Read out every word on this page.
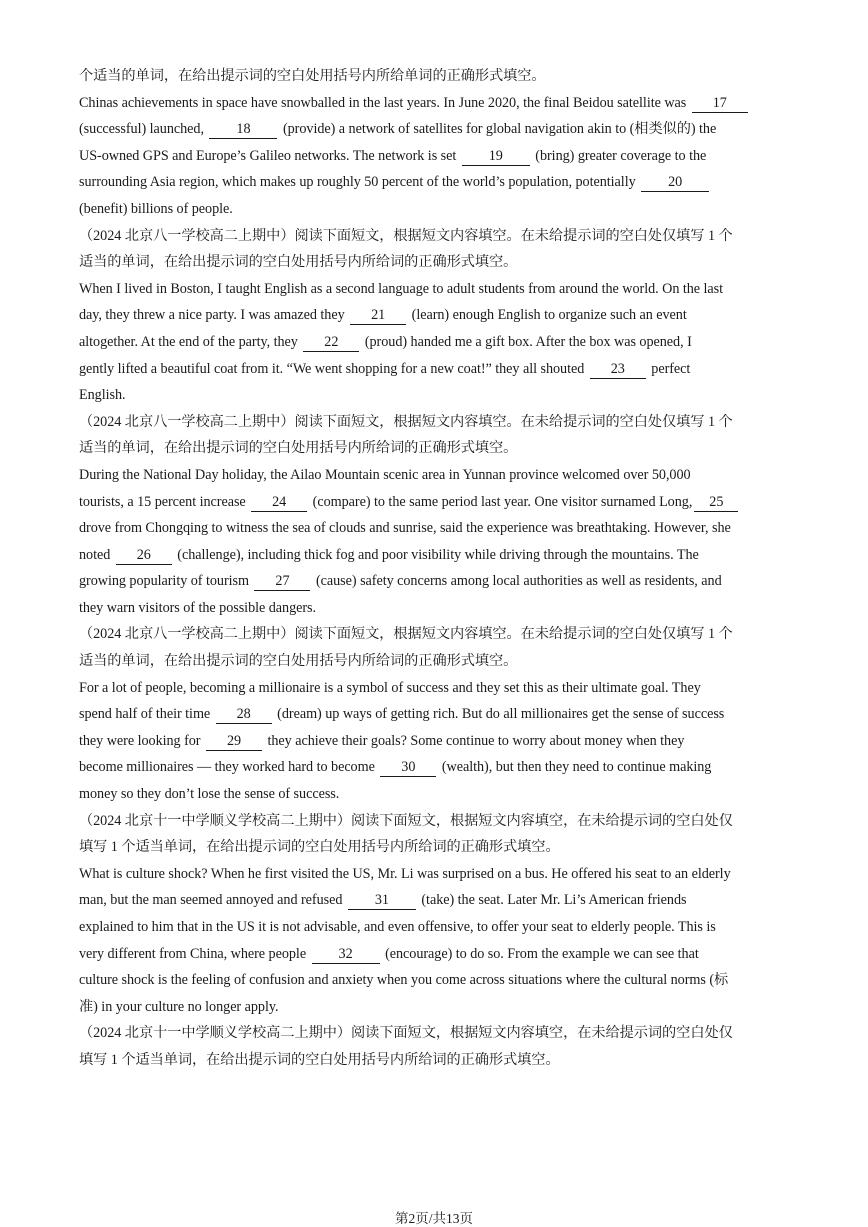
个适当的单词，在给出提示词的空白处用括号内所给单词的正确形式填空。
Chinas achievements in space have snowballed in the last years. In June 2020, the final Beidou satellite was 17
(successful) launched, 18 (provide) a network of satellites for global navigation akin to (相类似的) the
US-owned GPS and Europe’s Galileo networks. The network is set 19 (bring) greater coverage to the
surrounding Asia region, which makes up roughly 50 percent of the world’s population, potentially 20
(benefit) billions of people.
（2024 北京八一学校高二上期中）阅读下面短文，根据短文内容填空。在未给提示词的空白处仅填写 1 个
适当的单词，在给出提示词的空白处用括号内所给词的正确形式填空。
When I lived in Boston, I taught English as a second language to adult students from around the world. On the last
day, they threw a nice party. I was amazed they 21 (learn) enough English to organize such an event
altogether. At the end of the party, they 22 (proud) handed me a gift box. After the box was opened, I
gently lifted a beautiful coat from it. “We went shopping for a new coat!” they all shouted 23 perfect
English.
（2024 北京八一学校高二上期中）阅读下面短文，根据短文内容填空。在未给提示词的空白处仅填写 1 个
适当的单词，在给出提示词的空白处用括号内所给词的正确形式填空。
During the National Day holiday, the Ailao Mountain scenic area in Yunnan province welcomed over 50,000
tourists, a 15 percent increase 24 (compare) to the same period last year. One visitor surnamed Long, 25
drove from Chongqing to witness the sea of clouds and sunrise, said the experience was breathtaking. However, she
noted 26 (challenge), including thick fog and poor visibility while driving through the mountains. The
growing popularity of tourism 27 (cause) safety concerns among local authorities as well as residents, and
they warn visitors of the possible dangers.
（2024 北京八一学校高二上期中）阅读下面短文，根据短文内容填空。在未给提示词的空白处仅填写 1 个
适当的单词，在给出提示词的空白处用括号内所给词的正确形式填空。
For a lot of people, becoming a millionaire is a symbol of success and they set this as their ultimate goal. They
spend half of their time 28 (dream) up ways of getting rich. But do all millionaires get the sense of success
they were looking for 29 they achieve their goals? Some continue to worry about money when they
become millionaires — they worked hard to become 30 (wealth), but then they need to continue making
money so they don’t lose the sense of success.
（2024 北京十一中学顺义学校高二上期中）阅读下面短文，根据短文内容填空，在未给提示词的空白处仅
填写 1 个适当单词，在给出提示词的空白处用括号内所给词的正确形式填空。
What is culture shock? When he first visited the US, Mr. Li was surprised on a bus. He offered his seat to an elderly
man, but the man seemed annoyed and refused 31 (take) the seat. Later Mr. Li’s American friends
explained to him that in the US it is not advisable, and even offensive, to offer your seat to elderly people. This is
very different from China, where people 32 (encourage) to do so. From the example we can see that
culture shock is the feeling of confusion and anxiety when you come across situations where the cultural norms (标
准) in your culture no longer apply.
（2024 北京十一中学顺义学校高二上期中）阅读下面短文，根据短文内容填空，在未给提示词的空白处仅
填写 1 个适当单词，在给出提示词的空白处用括号内所给词的正确形式填空。
第2页/共13页
